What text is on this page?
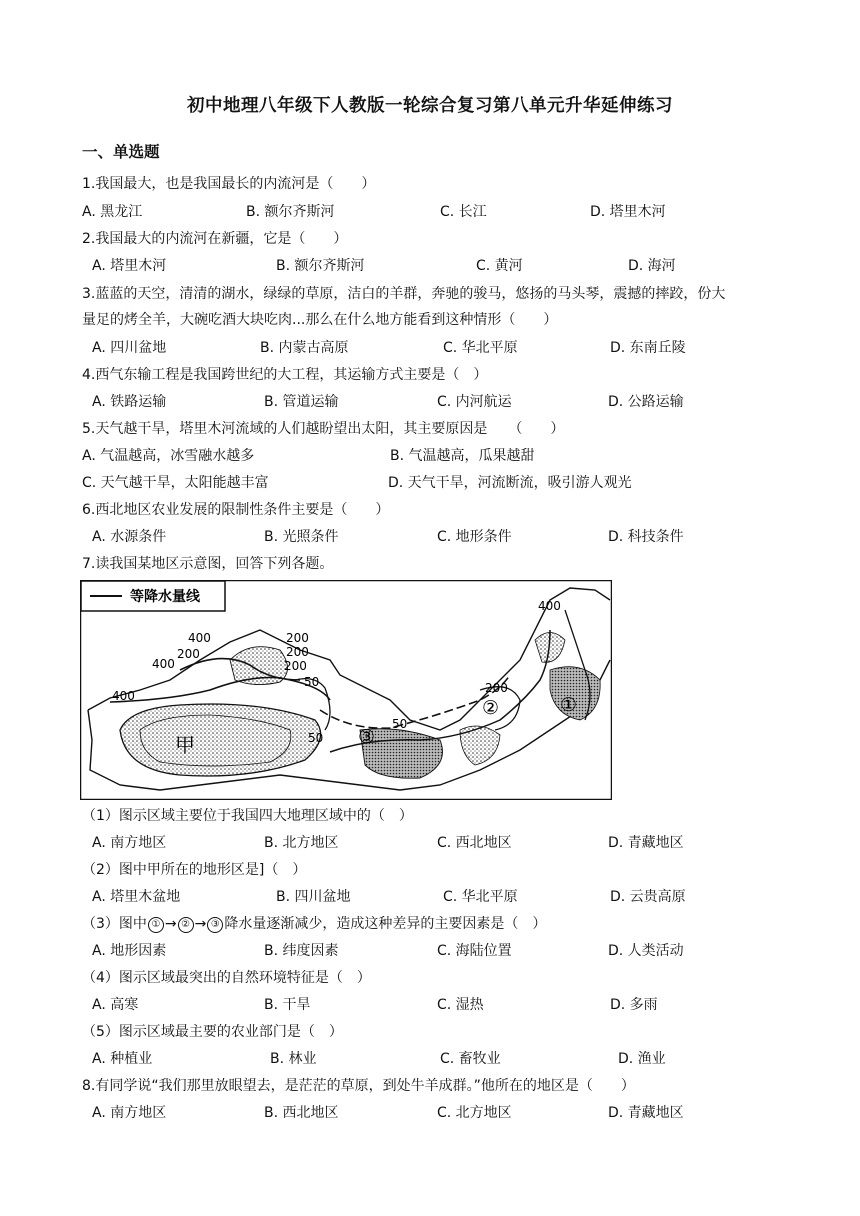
初中地理八年级下人教版一轮综合复习第八单元升华延伸练习
一、单选题
1.我国最大，也是我国最长的内流河是（　　）
A. 黑龙江	B. 额尔齐斯河	C. 长江	D. 塔里木河
2.我国最大的内流河在新疆，它是（　　）
A. 塔里木河	B. 额尔齐斯河	C. 黄河	D. 海河
3.蓝蓝的天空，清清的湖水，绿绿的草原，洁白的羊群，奔驰的骏马，悠扬的马头琴，震撼的摔跤，份大
量足的烤全羊，大碗吃酒大块吃肉...那么在什么地方能看到这种情形（　　）
A. 四川盆地	B. 内蒙古高原	C. 华北平原	D. 东南丘陵
4.西气东输工程是我国跨世纪的大工程，其运输方式主要是（　）
A. 铁路运输	B. 管道运输	C. 内河航运	D. 公路运输
5.天气越干旱，塔里木河流域的人们越盼望出太阳，其主要原因是　　（　　）
A. 气温越高，冰雪融水越多	B. 气温越高，瓜果越甜
C. 天气越干旱，太阳能越丰富	D. 天气干旱，河流断流，吸引游人观光
6.西北地区农业发展的限制性条件主要是（　　）
A. 水源条件	B. 光照条件	C. 地形条件	D. 科技条件
7.读我国某地区示意图，回答下列各题。
等降水量线
甲
400
200
200
400
200
200
50
400
200
50
50
400
①
②
③
（1）图示区域主要位于我国四大地理区域中的（　）
A. 南方地区	B. 北方地区	C. 西北地区	D. 青藏地区
（2）图中甲所在的地形区是]（　）
A. 塔里木盆地	B. 四川盆地	C. 华北平原	D. 云贵高原
（3）图中 ① → ② → ③ 降水量逐渐减少，造成这种差异的主要因素是（　）
A. 地形因素	B. 纬度因素	C. 海陆位置	D. 人类活动
（4）图示区域最突出的自然环境特征是（　）
A. 高寒	B. 干旱	C. 湿热	D. 多雨
（5）图示区域最主要的农业部门是（　）
A. 种植业	B. 林业	C. 畜牧业	D. 渔业
8.有同学说“我们那里放眼望去，是茫茫的草原，到处牛羊成群。”他所在的地区是（　　）
A. 南方地区	B. 西北地区	C. 北方地区	D. 青藏地区
